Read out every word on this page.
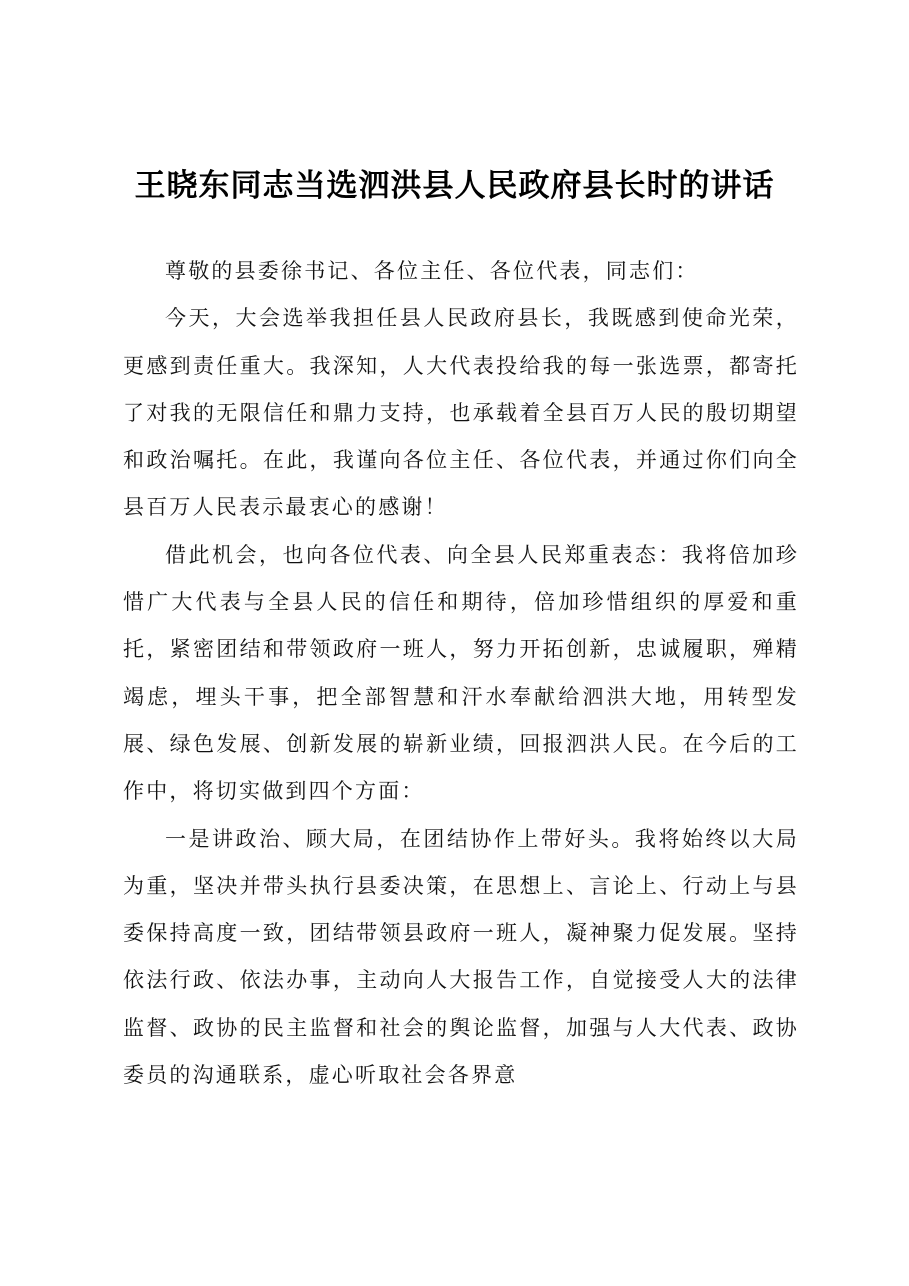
王晓东同志当选泗洪县人民政府县长时的讲话

尊敬的县委徐书记、各位主任、各位代表，同志们：

今天，大会选举我担任县人民政府县长，我既感到使命光荣，更感到责任重大。我深知，人大代表投给我的每一张选票，都寄托了对我的无限信任和鼎力支持，也承载着全县百万人民的殷切期望和政治嘱托。在此，我谨向各位主任、各位代表，并通过你们向全县百万人民表示最衷心的感谢！

借此机会，也向各位代表、向全县人民郑重表态：我将倍加珍惜广大代表与全县人民的信任和期待，倍加珍惜组织的厚爱和重托，紧密团结和带领政府一班人，努力开拓创新，忠诚履职，殚精竭虑，埋头干事，把全部智慧和汗水奉献给泗洪大地，用转型发展、绿色发展、创新发展的崭新业绩，回报泗洪人民。在今后的工作中，将切实做到四个方面：

一是讲政治、顾大局，在团结协作上带好头。我将始终以大局为重，坚决并带头执行县委决策，在思想上、言论上、行动上与县委保持高度一致，团结带领县政府一班人，凝神聚力促发展。坚持依法行政、依法办事，主动向人大报告工作，自觉接受人大的法律监督、政协的民主监督和社会的舆论监督，加强与人大代表、政协委员的沟通联系，虚心听取社会各界意
